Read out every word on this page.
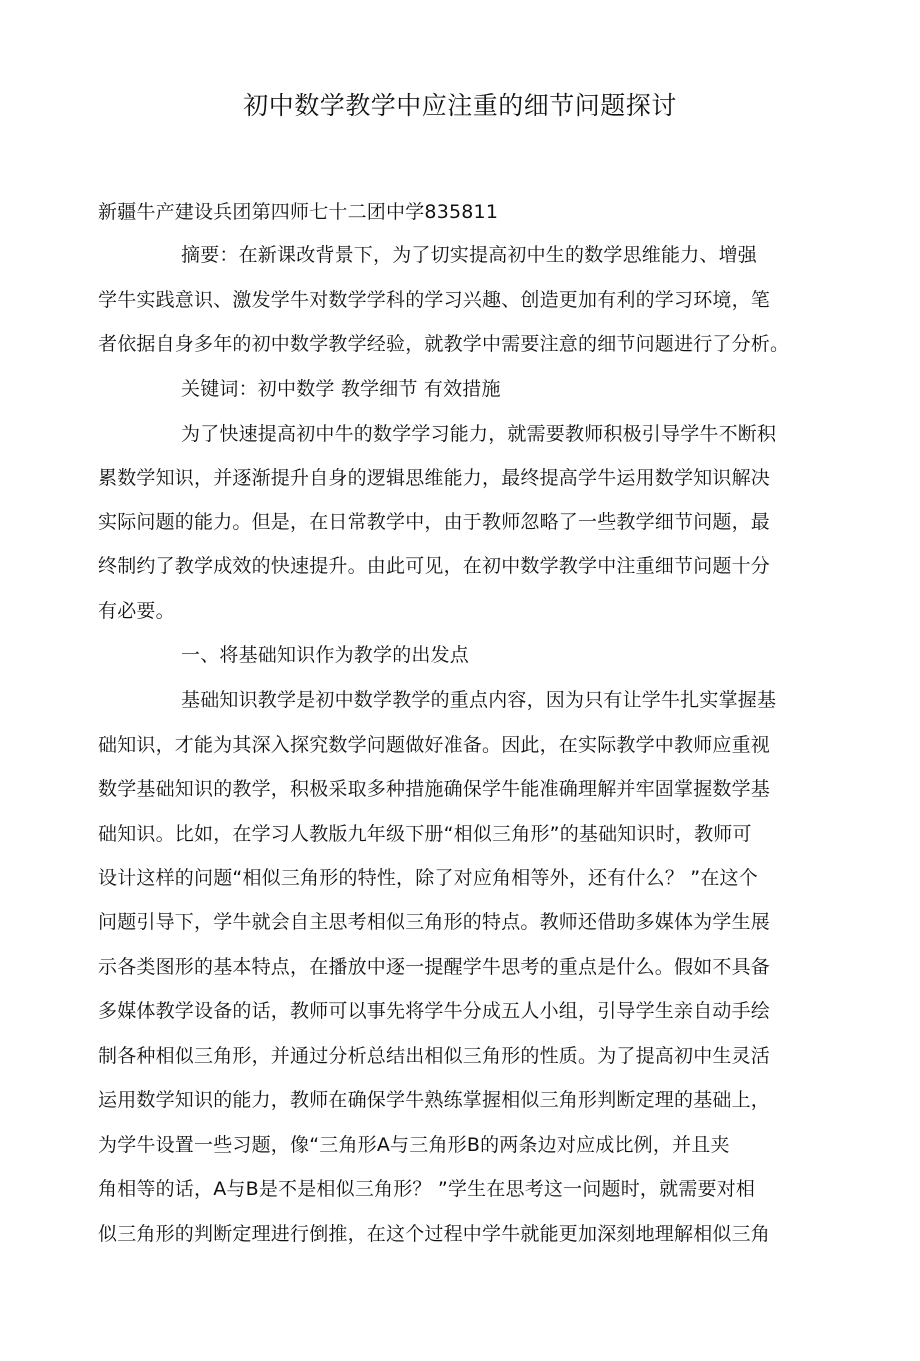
初中数学教学中应注重的细节问题探讨
新疆牛产建设兵团第四师七十二团中学835811
摘要：在新课改背景下，为了切实提高初中生的数学思维能力、增强
学牛实践意识、激发学牛对数学学科的学习兴趣、创造更加有利的学习环境，笔
者依据自身多年的初中数学教学经验，就教学中需要注意的细节问题进行了分析。
关键词：初中数学 教学细节 有效措施
为了快速提高初中牛的数学学习能力，就需要教师积极引导学牛不断积
累数学知识，并逐渐提升自身的逻辑思维能力，最终提高学牛运用数学知识解决
实际问题的能力。但是，在日常教学中，由于教师忽略了一些教学细节问题，最
终制约了教学成效的快速提升。由此可见，在初中数学教学中注重细节问题十分
有必要。
一、将基础知识作为教学的出发点
基础知识教学是初中数学教学的重点内容，因为只有让学牛扎实掌握基
础知识，才能为其深入探究数学问题做好准备。因此，在实际教学中教师应重视
数学基础知识的教学，积极采取多种措施确保学牛能准确理解并牢固掌握数学基
础知识。比如，在学习人教版九年级下册“相似三角形”的基础知识时，教师可
设计这样的问题“相似三角形的特性，除了对应角相等外，还有什么？ ”在这个
问题引导下，学牛就会自主思考相似三角形的特点。教师还借助多媒体为学生展
示各类图形的基本特点，在播放中逐一提醒学牛思考的重点是什么。假如不具备
多媒体教学设备的话，教师可以事先将学牛分成五人小组，引导学生亲自动手绘
制各种相似三角形，并通过分析总结出相似三角形的性质。为了提高初中生灵活
运用数学知识的能力，教师在确保学牛熟练掌握相似三角形判断定理的基础上，
为学牛设置一些习题，像“三角形A与三角形B的两条边对应成比例，并且夹
角相等的话，A与B是不是相似三角形？ ”学生在思考这一问题时，就需要对相
似三角形的判断定理进行倒推，在这个过程中学牛就能更加深刻地理解相似三角
